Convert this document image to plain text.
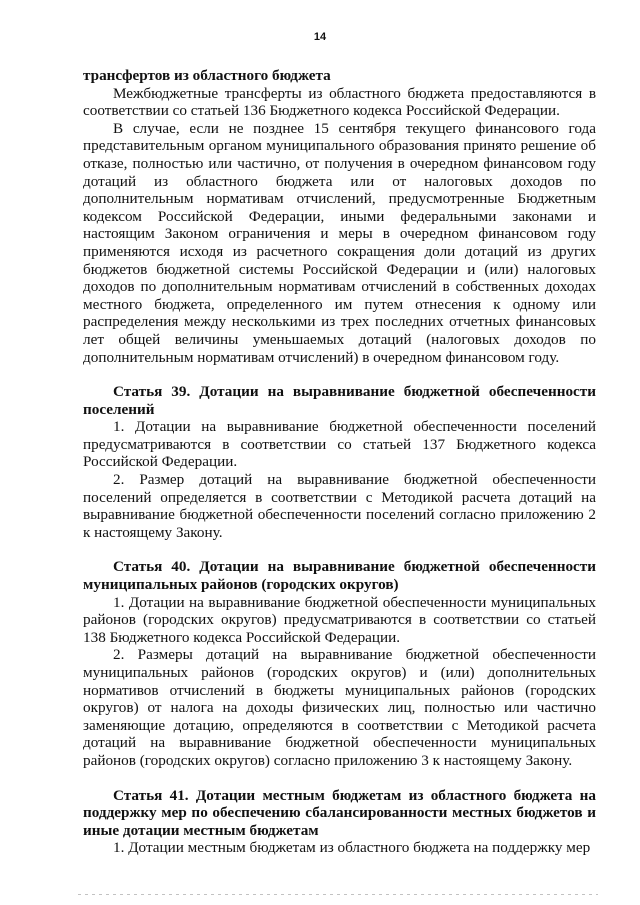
14

трансфертов из областного бюджета

Межбюджетные трансферты из областного бюджета предоставляются в соответствии со статьей 136 Бюджетного кодекса Российской Федерации.

В случае, если не позднее 15 сентября текущего финансового года представительным органом муниципального образования принято решение об отказе, полностью или частично, от получения в очередном финансовом году дотаций из областного бюджета или от налоговых доходов по дополнительным нормативам отчислений, предусмотренные Бюджетным кодексом Российской Федерации, иными федеральными законами и настоящим Законом ограничения и меры в очередном финансовом году применяются исходя из расчетного сокращения доли дотаций из других бюджетов бюджетной системы Российской Федерации и (или) налоговых доходов по дополнительным нормативам отчислений в собственных доходах местного бюджета, определенного им путем отнесения к одному или распределения между несколькими из трех последних отчетных финансовых лет общей величины уменьшаемых дотаций (налоговых доходов по дополнительным нормативам отчислений) в очередном финансовом году.

Статья 39. Дотации на выравнивание бюджетной обеспеченности поселений

1. Дотации на выравнивание бюджетной обеспеченности поселений предусматриваются в соответствии со статьей 137 Бюджетного кодекса Российской Федерации.

2. Размер дотаций на выравнивание бюджетной обеспеченности поселений определяется в соответствии с Методикой расчета дотаций на выравнивание бюджетной обеспеченности поселений согласно приложению 2 к настоящему Закону.

Статья 40. Дотации на выравнивание бюджетной обеспеченности муниципальных районов (городских округов)

1. Дотации на выравнивание бюджетной обеспеченности муниципальных районов (городских округов) предусматриваются в соответствии со статьей 138 Бюджетного кодекса Российской Федерации.

2. Размеры дотаций на выравнивание бюджетной обеспеченности муниципальных районов (городских округов) и (или) дополнительных нормативов отчислений в бюджеты муниципальных районов (городских округов) от налога на доходы физических лиц, полностью или частично заменяющие дотацию, определяются в соответствии с Методикой расчета дотаций на выравнивание бюджетной обеспеченности муниципальных районов (городских округов) согласно приложению 3 к настоящему Закону.

Статья 41. Дотации местным бюджетам из областного бюджета на поддержку мер по обеспечению сбалансированности местных бюджетов и иные дотации местным бюджетам

1. Дотации местным бюджетам из областного бюджета на поддержку мер
